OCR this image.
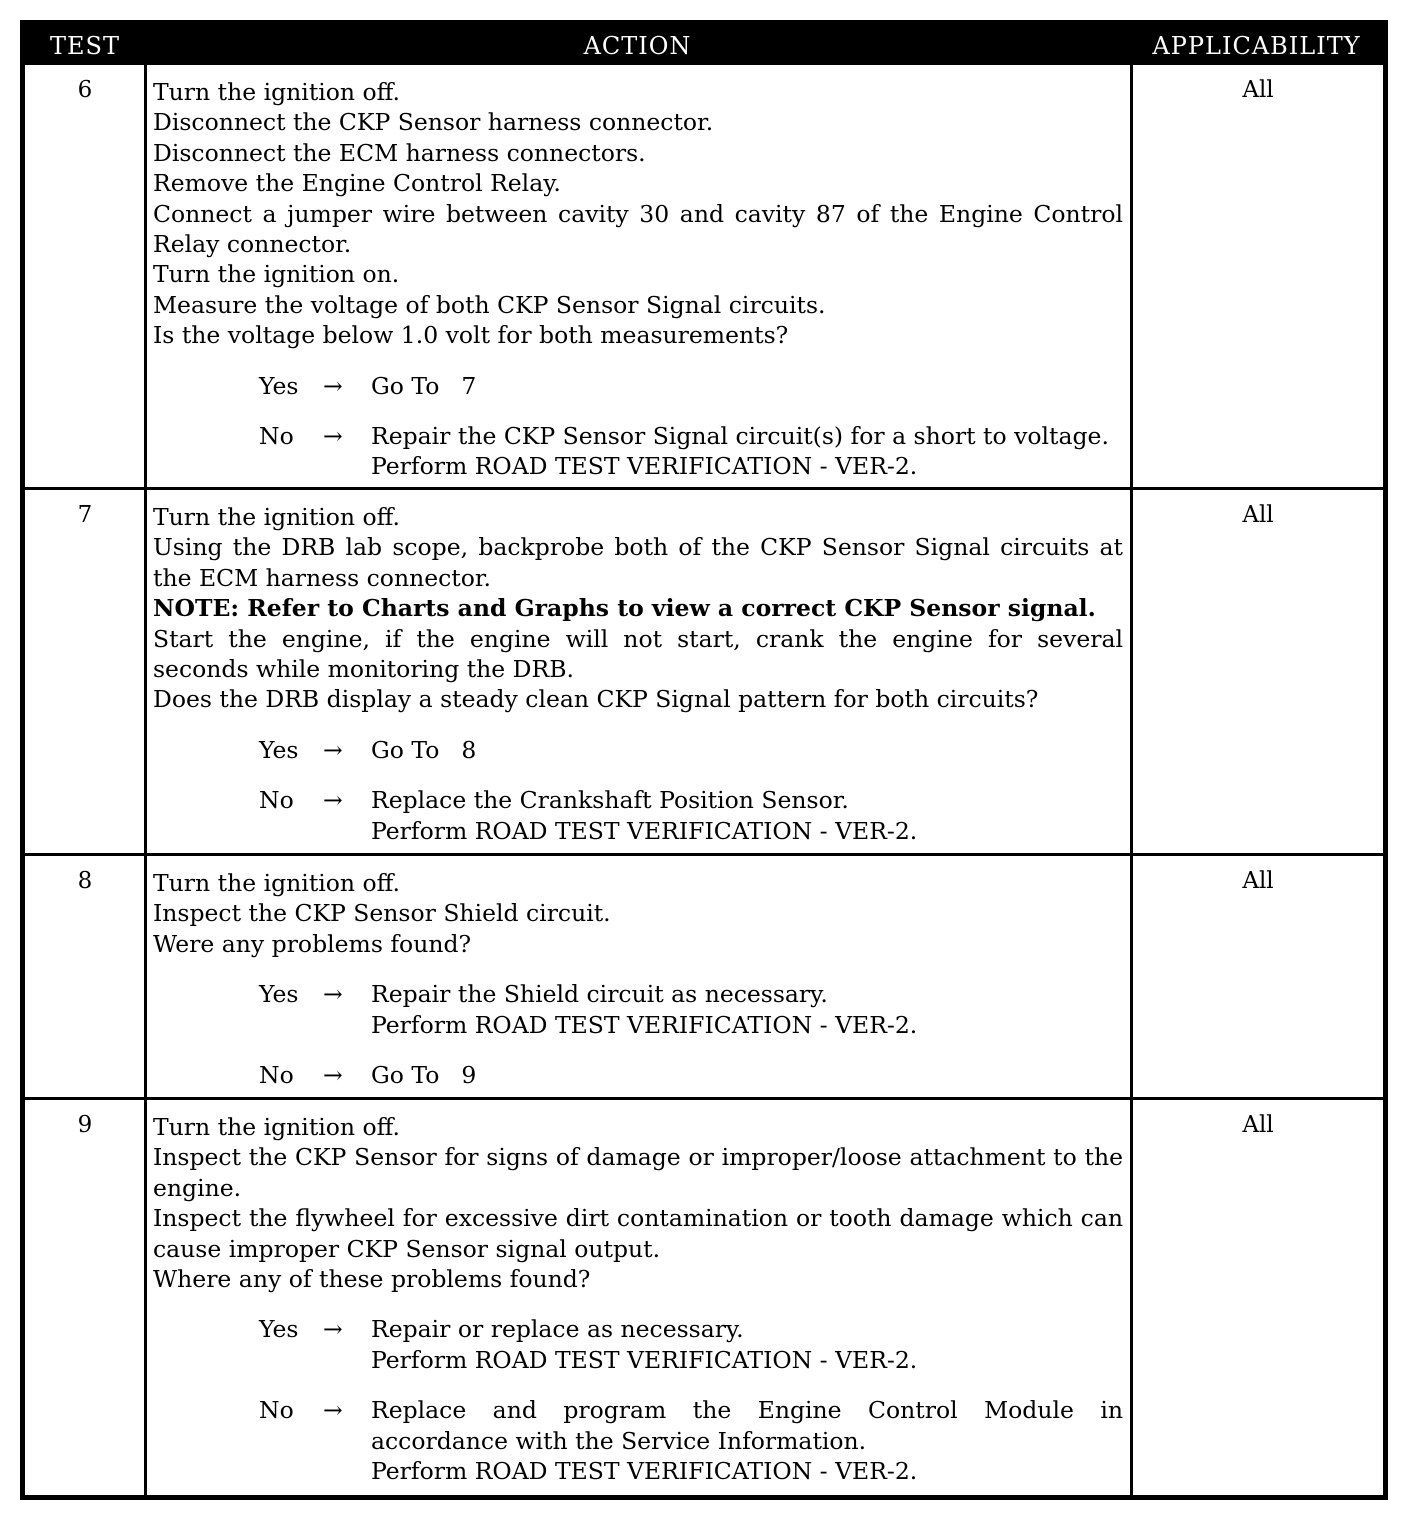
TEST	ACTION	APPLICABILITY
6	Turn the ignition off.

Disconnect the CKP Sensor harness connector.

Disconnect the ECM harness connectors.

Remove the Engine Control Relay.

Connect a jumper wire between cavity 30 and cavity 87 of the Engine Control Relay connector.

Turn the ignition on.

Measure the voltage of both CKP Sensor Signal circuits.

Is the voltage below 1.0 volt for both measurements?

Yes → Go To 7
No → Repair the CKP Sensor Signal circuit(s) for a short to voltage.
Perform ROAD TEST VERIFICATION - VER-2.
All
7	Turn the ignition off.

Using the DRB lab scope, backprobe both of the CKP Sensor Signal circuits at the ECM harness connector.

NOTE: Refer to Charts and Graphs to view a correct CKP Sensor signal.

Start the engine, if the engine will not start, crank the engine for several seconds while monitoring the DRB.

Does the DRB display a steady clean CKP Signal pattern for both circuits?

Yes → Go To 8
No → Replace the Crankshaft Position Sensor.
Perform ROAD TEST VERIFICATION - VER-2.
All
8	Turn the ignition off.

Inspect the CKP Sensor Shield circuit.

Were any problems found?

Yes → Repair the Shield circuit as necessary.
Perform ROAD TEST VERIFICATION - VER-2.
No → Go To 9
All
9	Turn the ignition off.

Inspect the CKP Sensor for signs of damage or improper/loose attachment to the engine.

Inspect the flywheel for excessive dirt contamination or tooth damage which can cause improper CKP Sensor signal output.

Where any of these problems found?

Yes → Repair or replace as necessary.
Perform ROAD TEST VERIFICATION - VER-2.
No → Replace and program the Engine Control Module in accordance with the Service Information.
Perform ROAD TEST VERIFICATION - VER-2.
All
